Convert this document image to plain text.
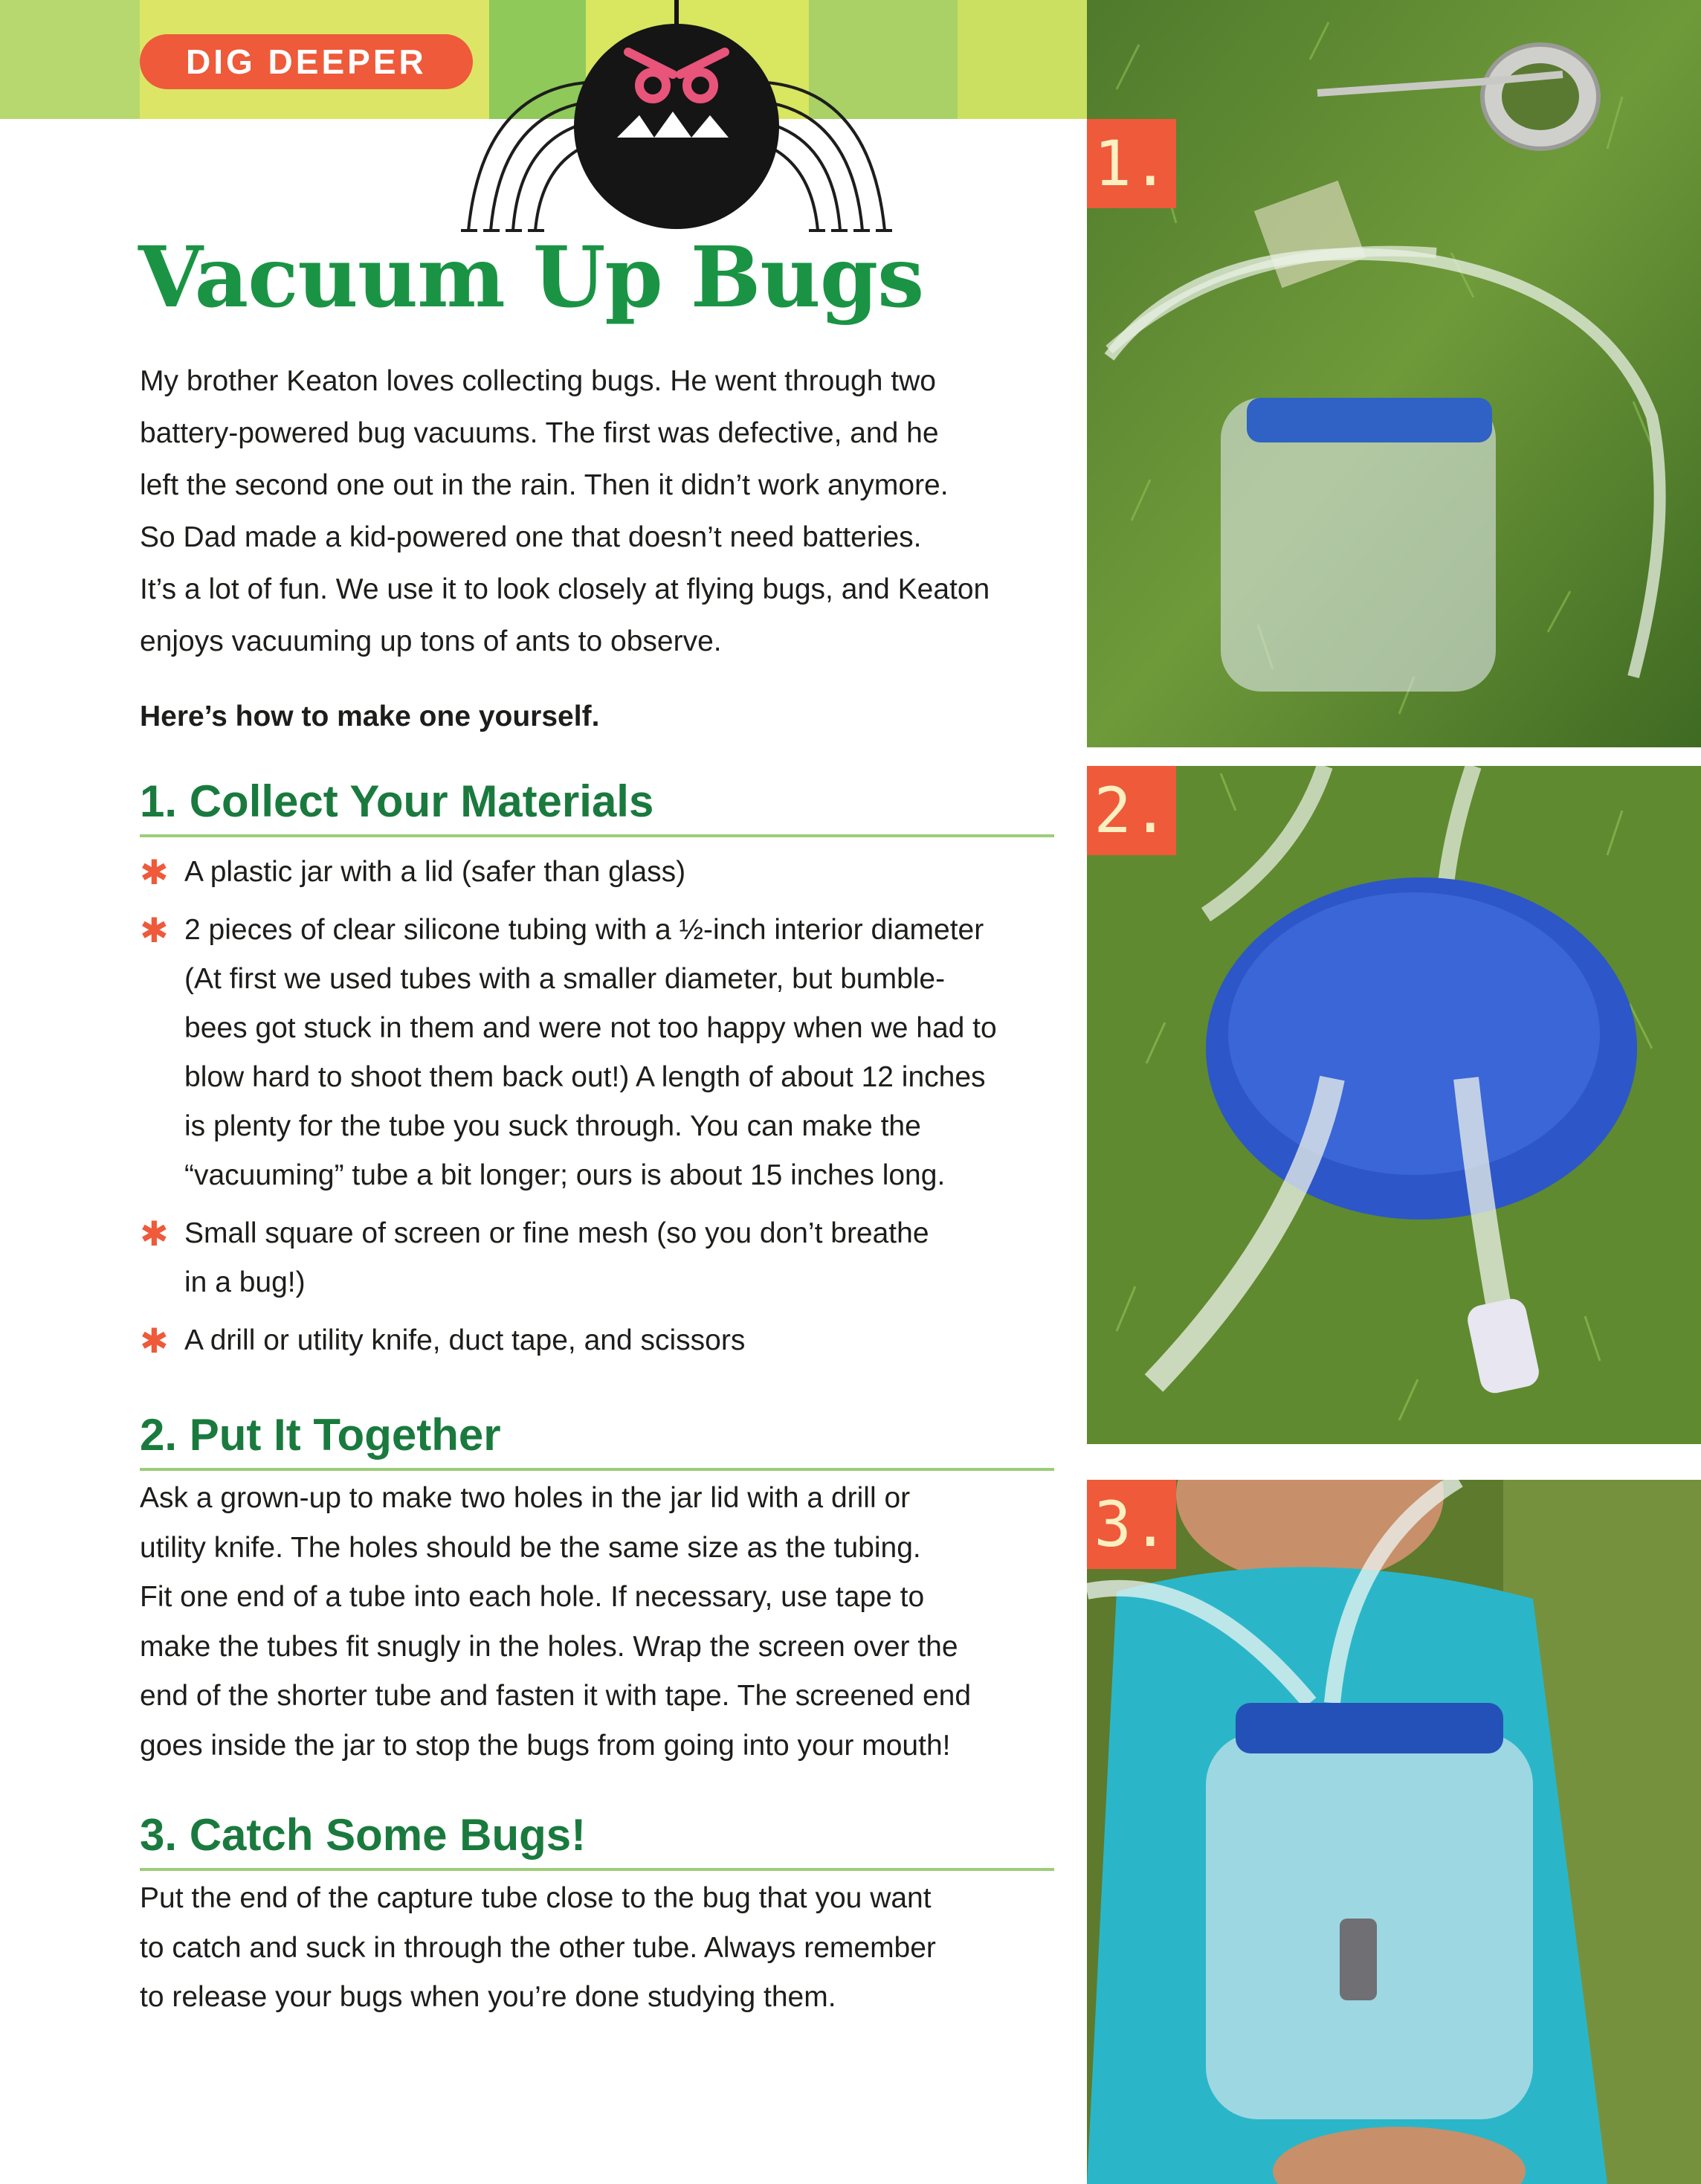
DIG DEEPER
Vacuum Up Bugs

My brother Keaton loves collecting bugs. He went through two
battery-powered bug vacuums. The first was defective, and he
left the second one out in the rain. Then it didn’t work anymore.
So Dad made a kid-powered one that doesn’t need batteries.
It’s a lot of fun. We use it to look closely at flying bugs, and Keaton
enjoys vacuuming up tons of ants to observe.

Here’s how to make one yourself.

1. Collect Your Materials
✱ A plastic jar with a lid (safer than glass)
✱ 2 pieces of clear silicone tubing with a ½-inch interior diameter
(At first we used tubes with a smaller diameter, but bumble-
bees got stuck in them and were not too happy when we had to
blow hard to shoot them back out!) A length of about 12 inches
is plenty for the tube you suck through. You can make the
“vacuuming” tube a bit longer; ours is about 15 inches long.
✱ Small square of screen or fine mesh (so you don’t breathe
in a bug!)
✱ A drill or utility knife, duct tape, and scissors
2. Put It Together

Ask a grown-up to make two holes in the jar lid with a drill or
utility knife. The holes should be the same size as the tubing.
Fit one end of a tube into each hole. If necessary, use tape to
make the tubes fit snugly in the holes. Wrap the screen over the
end of the shorter tube and fasten it with tape. The screened end
goes inside the jar to stop the bugs from going into your mouth!

3. Catch Some Bugs!

Put the end of the capture tube close to the bug that you want
to catch and suck in through the other tube. Always remember
to release your bugs when you’re done studying them.

1.
2.
3.
